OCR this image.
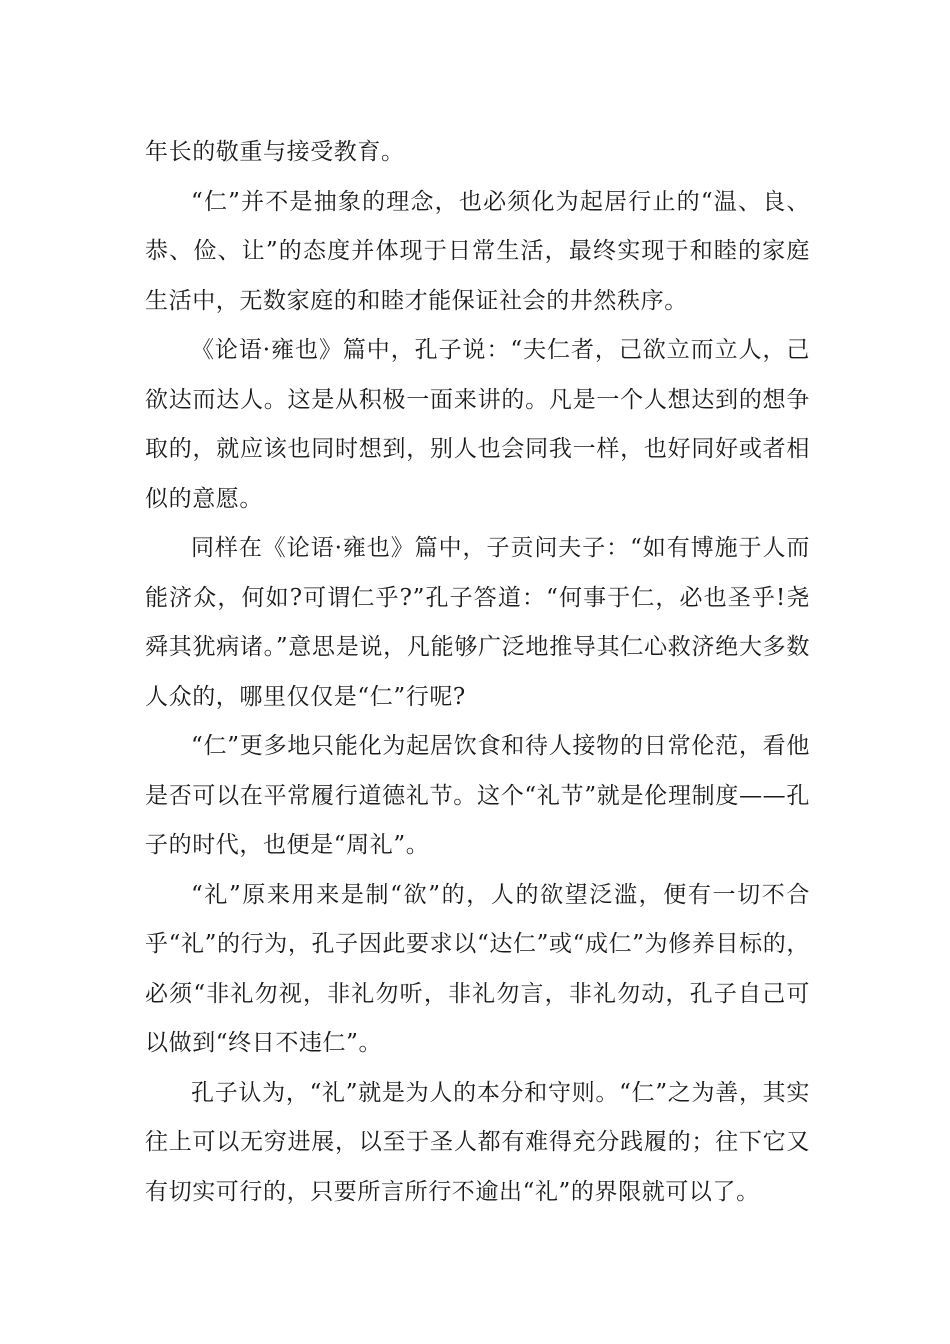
年长的敬重与接受教育。

“仁”并不是抽象的理念，也必须化为起居行止的“温、良、恭、俭、让”的态度并体现于日常生活，最终实现于和睦的家庭生活中，无数家庭的和睦才能保证社会的井然秩序。

《论语·雍也》篇中，孔子说：“夫仁者，己欲立而立人，己欲达而达人。这是从积极一面来讲的。凡是一个人想达到的想争取的，就应该也同时想到，别人也会同我一样，也好同好或者相似的意愿。

同样在《论语·雍也》篇中，子贡问夫子：“如有博施于人而能济众，何如?可谓仁乎?”孔子答道：“何事于仁，必也圣乎!尧舜其犹病诸。”意思是说，凡能够广泛地推导其仁心救济绝大多数人众的，哪里仅仅是“仁”行呢?

“仁”更多地只能化为起居饮食和待人接物的日常伦范，看他是否可以在平常履行道德礼节。这个“礼节”就是伦理制度——孔子的时代，也便是“周礼”。

“礼”原来用来是制“欲”的，人的欲望泛滥，便有一切不合乎“礼”的行为，孔子因此要求以“达仁”或“成仁”为修养目标的，必须“非礼勿视，非礼勿听，非礼勿言，非礼勿动，孔子自己可以做到“终日不违仁”。

孔子认为，“礼”就是为人的本分和守则。“仁”之为善，其实往上可以无穷进展，以至于圣人都有难得充分践履的；往下它又有切实可行的，只要所言所行不逾出“礼”的界限就可以了。
